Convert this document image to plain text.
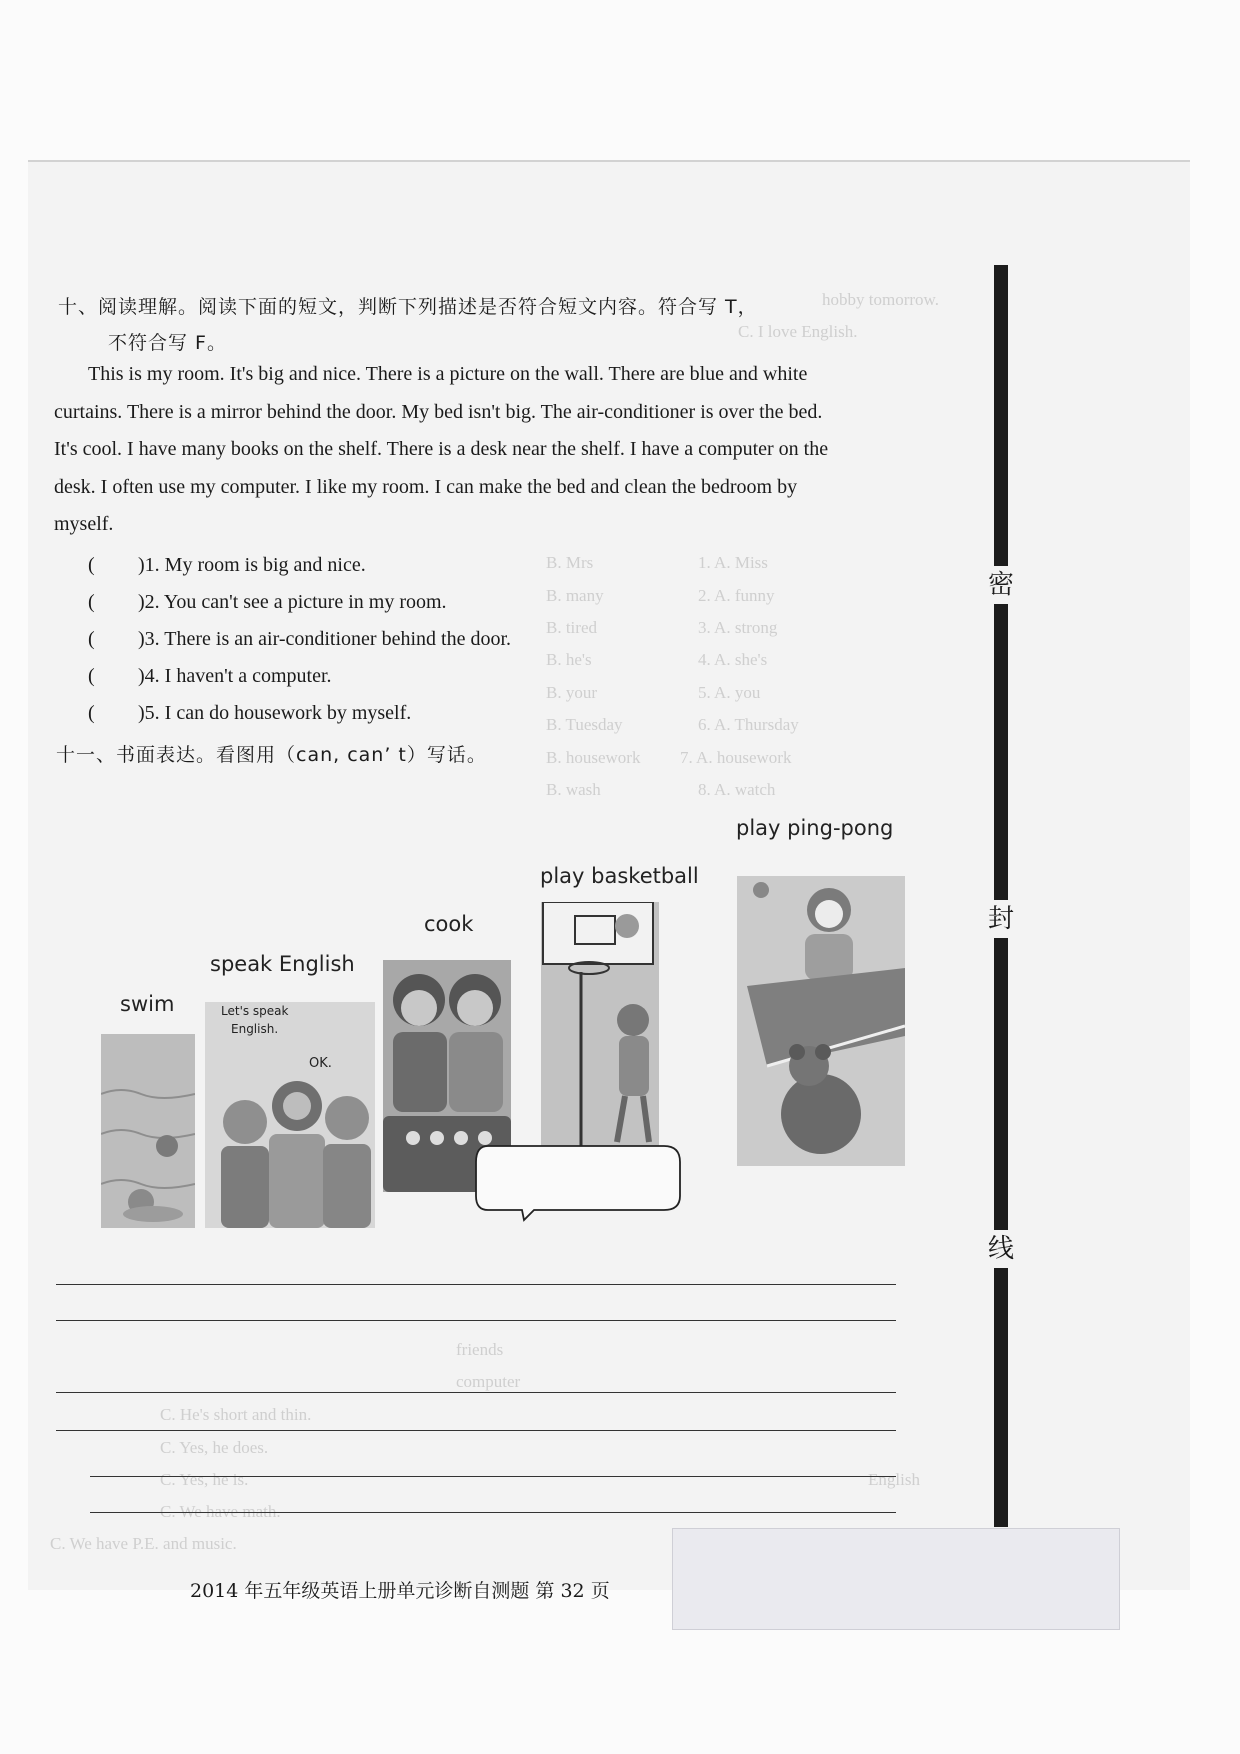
hobby tomorrow.
C. I love English.
1. A. Miss
2. A. funny
3. A. strong
4. A. she's
5. A. you
6. A. Thursday
7. A. housework
8. A. watch
B. Mrs
B. many
B. tired
B. he's
B. your
B. Tuesday
B. housework
B. wash
friends
computer
English
C. He's short and thin.
C. Yes, he does.
C. Yes, he is.
C. We have math.
C. We have P.E. and music.
十、阅读理解。阅读下面的短文，判断下列描述是否符合短文内容。符合写 T，
不符合写 F。

This is my room. It's big and nice. There is a picture on the wall. There are blue and white

curtains. There is a mirror behind the door. My bed isn't big. The air-conditioner is over the bed.
It's cool. I have many books on the shelf. There is a desk near the shelf. I have a computer on the
desk. I often use my computer. I like my room. I can make the bed and clean the bedroom by
myself.
( )1. My room is big and nice.
( )2. You can't see a picture in my room.
( )3. There is an air-conditioner behind the door.
( )4. I haven't a computer.
( )5. I can do housework by myself.
十一、书面表达。看图用（can, can’ t）写话。
swim
speak English
cook
play basketball
play ping-pong
Let's speak
English.
OK.
密
封
线
2014 年五年级英语上册单元诊断自测题 第 32 页
